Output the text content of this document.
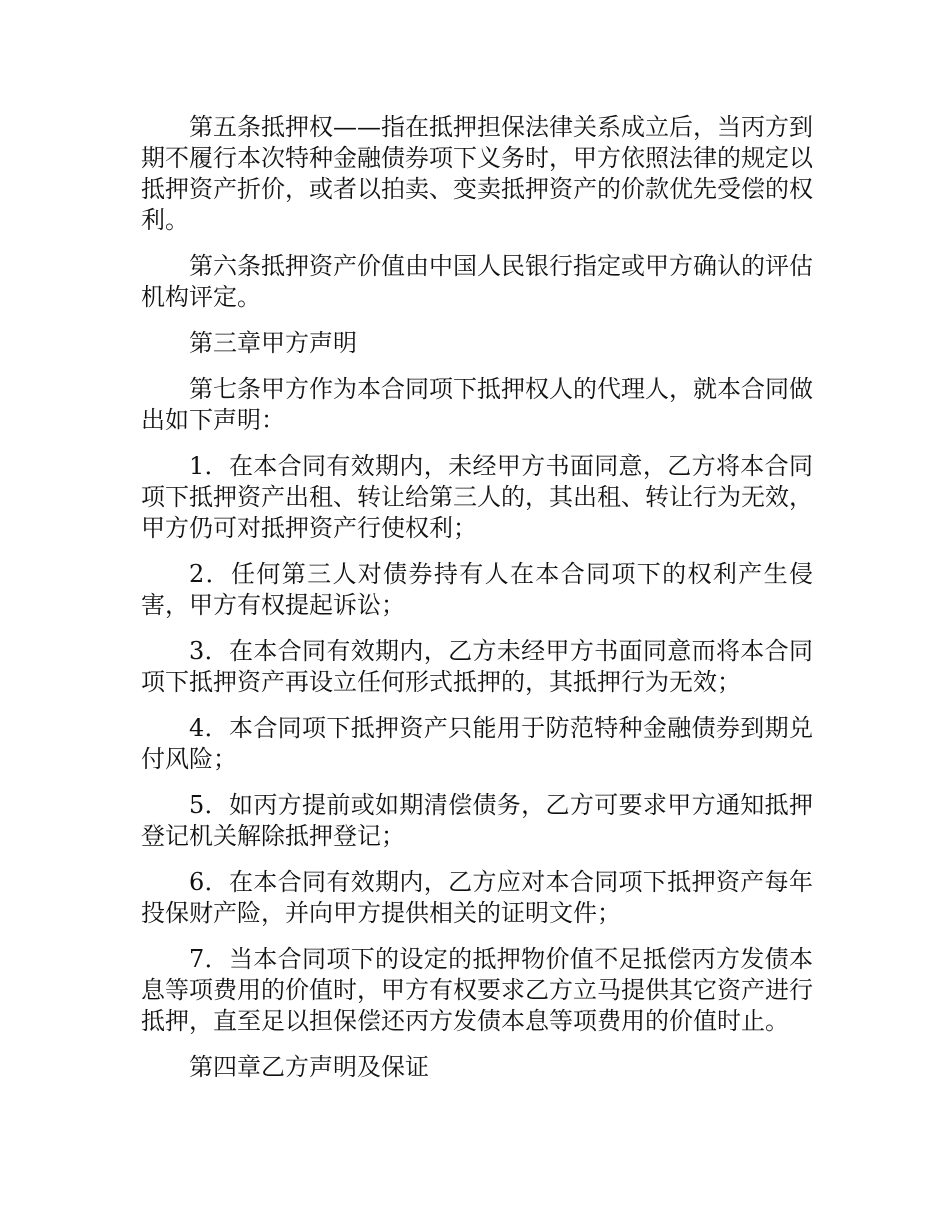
第五条抵押权——指在抵押担保法律关系成立后，当丙方到期不履行本次特种金融债券项下义务时，甲方依照法律的规定以抵押资产折价，或者以拍卖、变卖抵押资产的价款优先受偿的权利。

第六条抵押资产价值由中国人民银行指定或甲方确认的评估机构评定。

第三章甲方声明

第七条甲方作为本合同项下抵押权人的代理人，就本合同做出如下声明：

1．在本合同有效期内，未经甲方书面同意，乙方将本合同项下抵押资产出租、转让给第三人的，其出租、转让行为无效，甲方仍可对抵押资产行使权利；

2．任何第三人对债券持有人在本合同项下的权利产生侵害，甲方有权提起诉讼；

3．在本合同有效期内，乙方未经甲方书面同意而将本合同项下抵押资产再设立任何形式抵押的，其抵押行为无效；

4．本合同项下抵押资产只能用于防范特种金融债券到期兑付风险；

5．如丙方提前或如期清偿债务，乙方可要求甲方通知抵押登记机关解除抵押登记；

6．在本合同有效期内，乙方应对本合同项下抵押资产每年投保财产险，并向甲方提供相关的证明文件；

7．当本合同项下的设定的抵押物价值不足抵偿丙方发债本息等项费用的价值时，甲方有权要求乙方立马提供其它资产进行抵押，直至足以担保偿还丙方发债本息等项费用的价值时止。

第四章乙方声明及保证
